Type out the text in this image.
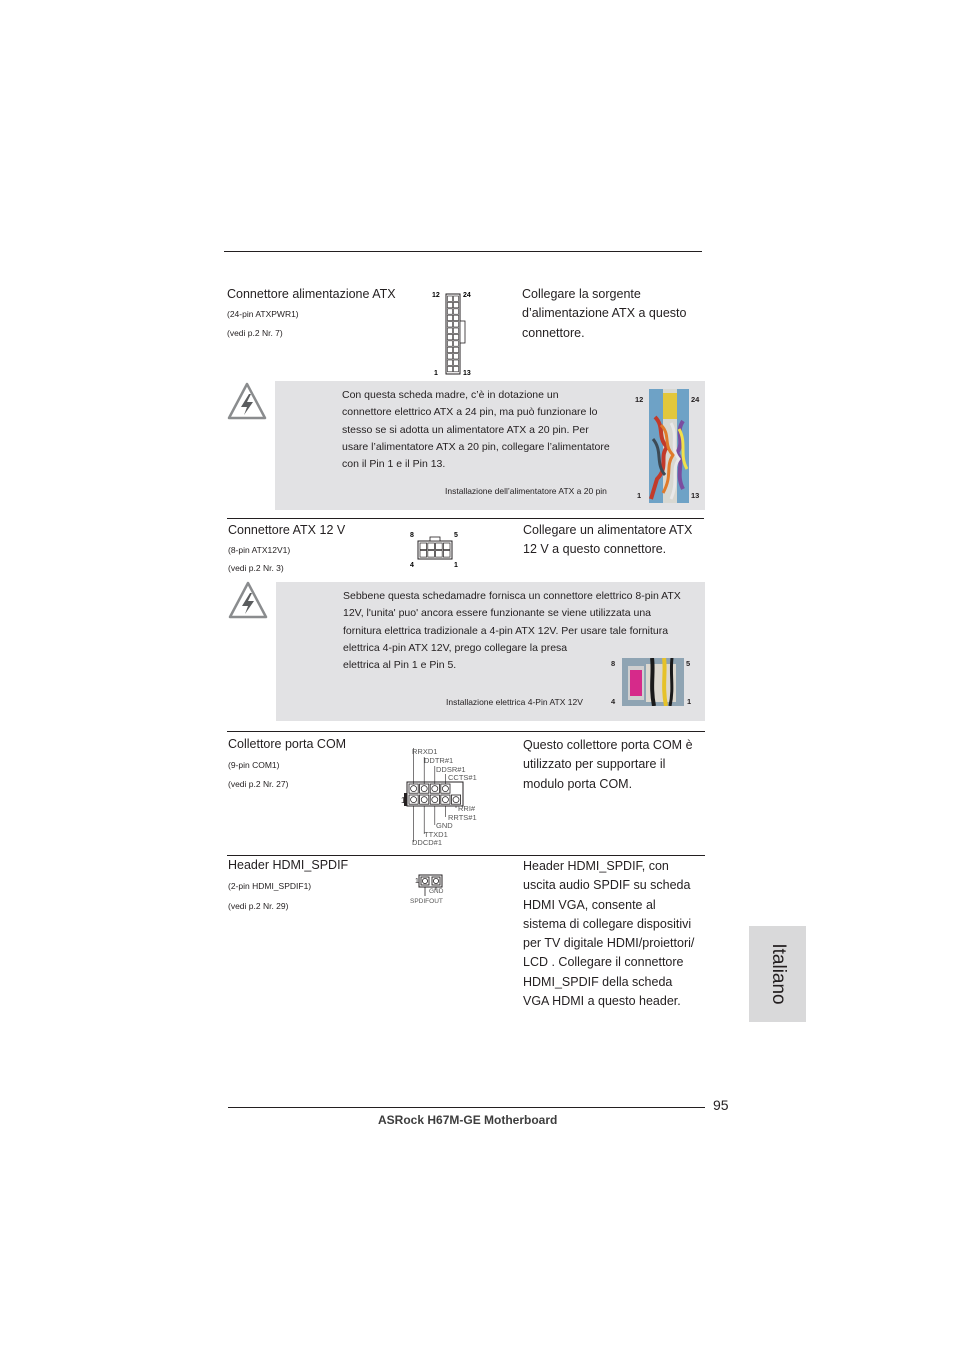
Connettore alimentazione ATX
(24-pin ATXPWR1)
(vedi p.2 Nr. 7)
12	24
1	13
Collegare la sorgente
d’alimentazione ATX a questo
connettore.
Con questa scheda madre, c’è in dotazione un
connettore elettrico ATX a 24 pin, ma può funzionare lo
stesso se si adotta un alimentatore ATX a 20 pin. Per
usare l’alimentatore ATX a 20 pin, collegare l’alimentatore
con il Pin 1 e il Pin 13.
Installazione dell’alimentatore ATX a 20 pin
12	24
1	13
Connettore ATX 12 V
(8-pin ATX12V1)
(vedi p.2 Nr. 3)
8	5
4	1
Collegare un alimentatore ATX
12 V a questo connettore.
Sebbene questa schedamadre fornisca un connettore elettrico 8-pin ATX
12V, l'unita' puo' ancora essere funzionante se viene utilizzata una
fornitura elettrica tradizionale a 4-pin ATX 12V. Per usare tale fornitura
elettrica 4-pin ATX 12V, prego collegare la presa
elettrica al Pin 1 e Pin 5.
Installazione elettrica 4-Pin ATX 12V
8	5
4	1
Collettore porta COM
(9-pin COM1)
(vedi p.2 Nr. 27)
RRXD1
DDTR#1
DDSR#1
CCTS#1
1
RRI#
RRTS#1
GND
TTXD1
DDCD#1
Questo collettore porta COM è
utilizzato per supportare il
modulo porta COM.
Header HDMI_SPDIF
(2-pin HDMI_SPDIF1)
(vedi p.2 Nr. 29)
1
GND
SPDIFOUT
Header HDMI_SPDIF, con
uscita audio SPDIF su scheda
HDMI VGA, consente al
sistema di collegare dispositivi
per TV digitale HDMI/proiettori/
LCD . Collegare il connettore
HDMI_SPDIF della scheda
VGA HDMI a questo header.	Italiano
95
ASRock H67M-GE Motherboard
